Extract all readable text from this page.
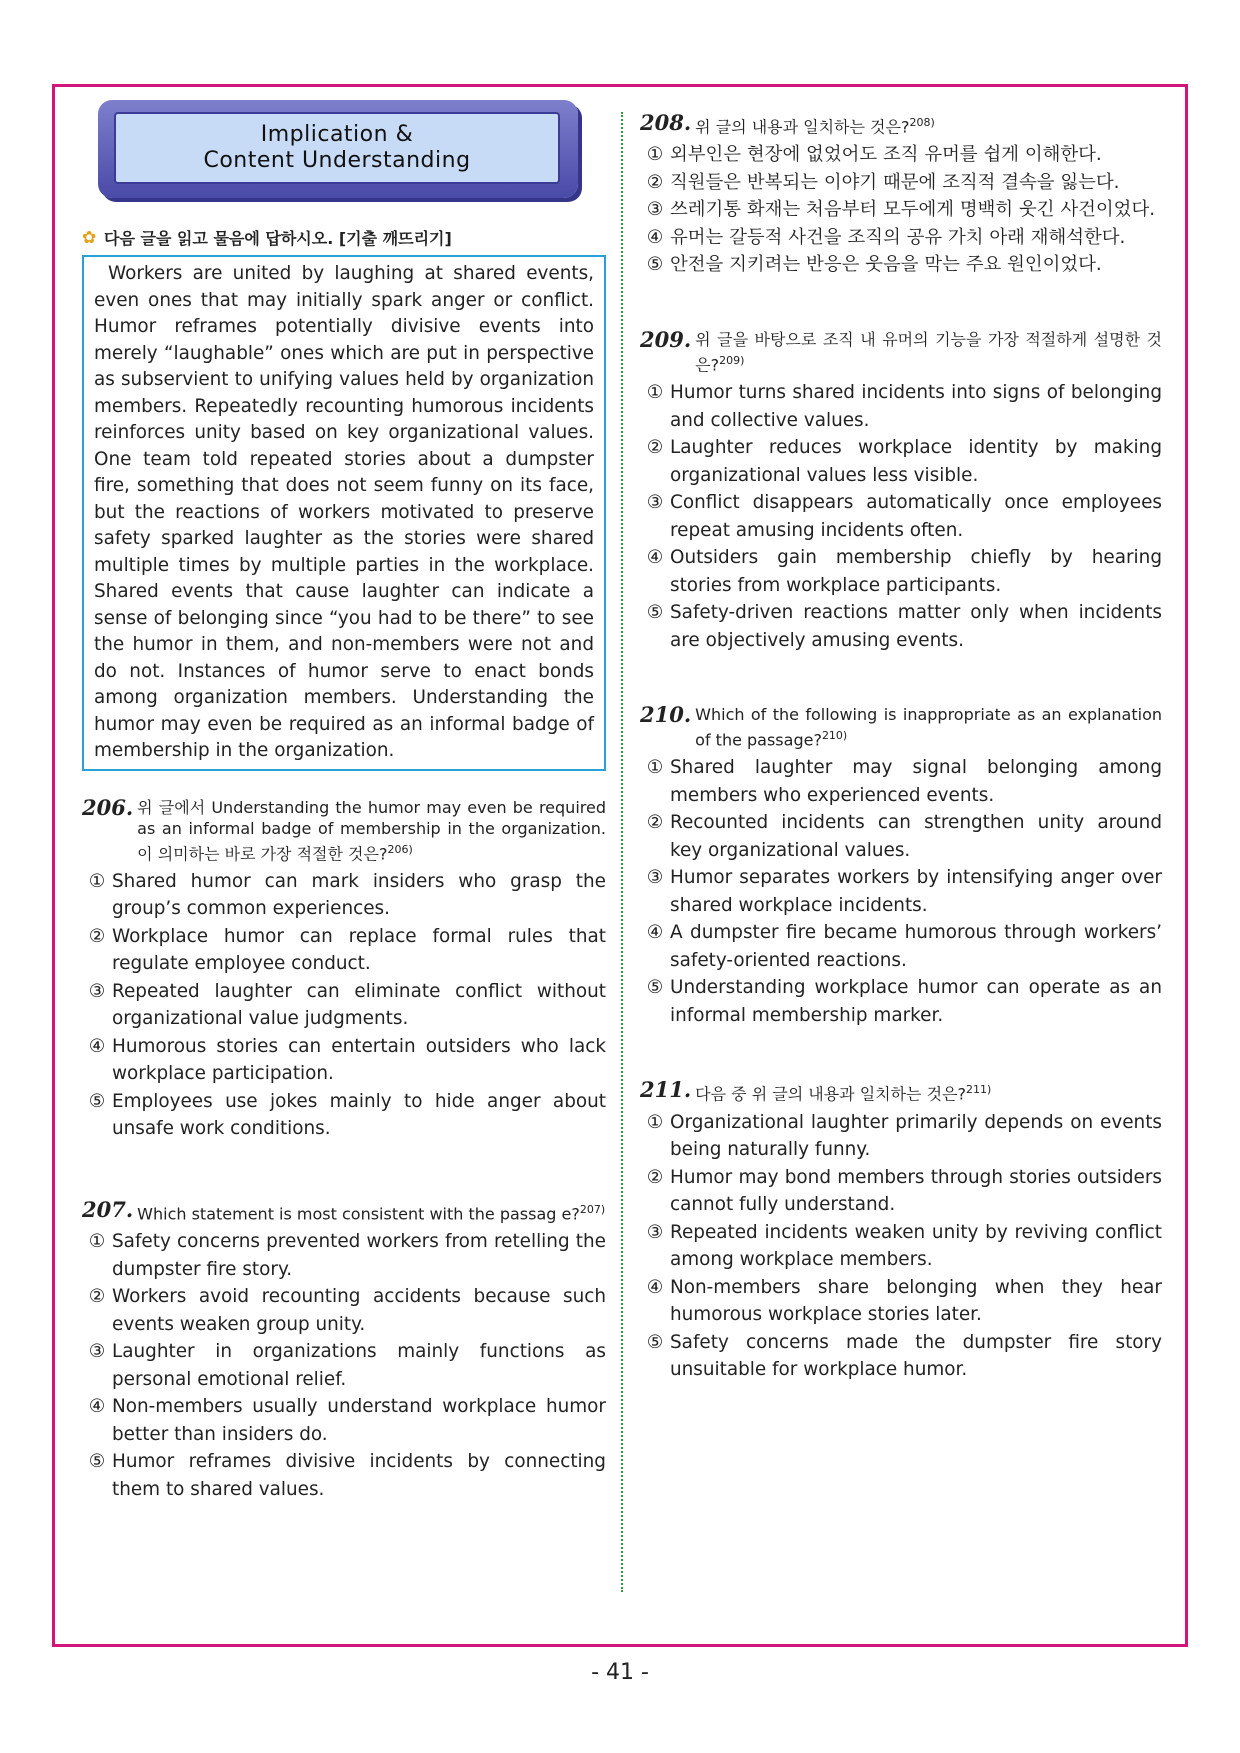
Implication &
Content Understanding
✿ 다음 글을 읽고 물음에 답하시오. [기출 깨뜨리기]
Workers are united by laughing at shared events, even ones that may initially spark anger or conflict. Humor reframes potentially divisive events into merely “laughable” ones which are put in perspective as subservient to unifying values held by organization members. Repeatedly recounting humorous incidents reinforces unity based on key organizational values. One team told repeated stories about a dumpster fire, something that does not seem funny on its face, but the reactions of workers motivated to preserve safety sparked laughter as the stories were shared multiple times by multiple parties in the workplace. Shared events that cause laughter can indicate a sense of belonging since “you had to be there” to see the humor in them, and non-members were not and do not. Instances of humor serve to enact bonds among organization members. Understanding the humor may even be required as an informal badge of membership in the organization.
206. 위 글에서 Understanding the humor may even be required as an informal badge of membership in the organization. 이 의미하는 바로 가장 적절한 것은?$^{206)}$
① Shared humor can mark insiders who grasp the group’s common experiences.
② Workplace humor can replace formal rules that regulate employee conduct.
③ Repeated laughter can eliminate conflict without organizational value judgments.
④ Humorous stories can entertain outsiders who lack workplace participation.
⑤ Employees use jokes mainly to hide anger about unsafe work conditions.
207. Which statement is most consistent with the passag e?$^{207)}$
① Safety concerns prevented workers from retelling the dumpster fire story.
② Workers avoid recounting accidents because such events weaken group unity.
③ Laughter in organizations mainly functions as personal emotional relief.
④ Non-members usually understand workplace humor better than insiders do.
⑤ Humor reframes divisive incidents by connecting them to shared values.
208. 위 글의 내용과 일치하는 것은?$^{208)}$
① 외부인은 현장에 없었어도 조직 유머를 쉽게 이해한다.
② 직원들은 반복되는 이야기 때문에 조직적 결속을 잃는다.
③ 쓰레기통 화재는 처음부터 모두에게 명백히 웃긴 사건이었다.
④ 유머는 갈등적 사건을 조직의 공유 가치 아래 재해석한다.
⑤ 안전을 지키려는 반응은 웃음을 막는 주요 원인이었다.
209. 위 글을 바탕으로 조직 내 유머의 기능을 가장 적절하게 설명한 것은?$^{209)}$
① Humor turns shared incidents into signs of belonging and collective values.
② Laughter reduces workplace identity by making organizational values less visible.
③ Conflict disappears automatically once employees repeat amusing incidents often.
④ Outsiders gain membership chiefly by hearing stories from workplace participants.
⑤ Safety-driven reactions matter only when incidents are objectively amusing events.
210. Which of the following is inappropriate as an explanation of the passage?$^{210)}$
① Shared laughter may signal belonging among members who experienced events.
② Recounted incidents can strengthen unity around key organizational values.
③ Humor separates workers by intensifying anger over shared workplace incidents.
④ A dumpster fire became humorous through workers’ safety-oriented reactions.
⑤ Understanding workplace humor can operate as an informal membership marker.
211. 다음 중 위 글의 내용과 일치하는 것은?$^{211)}$
① Organizational laughter primarily depends on events being naturally funny.
② Humor may bond members through stories outsiders cannot fully understand.
③ Repeated incidents weaken unity by reviving conflict among workplace members.
④ Non-members share belonging when they hear humorous workplace stories later.
⑤ Safety concerns made the dumpster fire story unsuitable for workplace humor.
- 41 -
